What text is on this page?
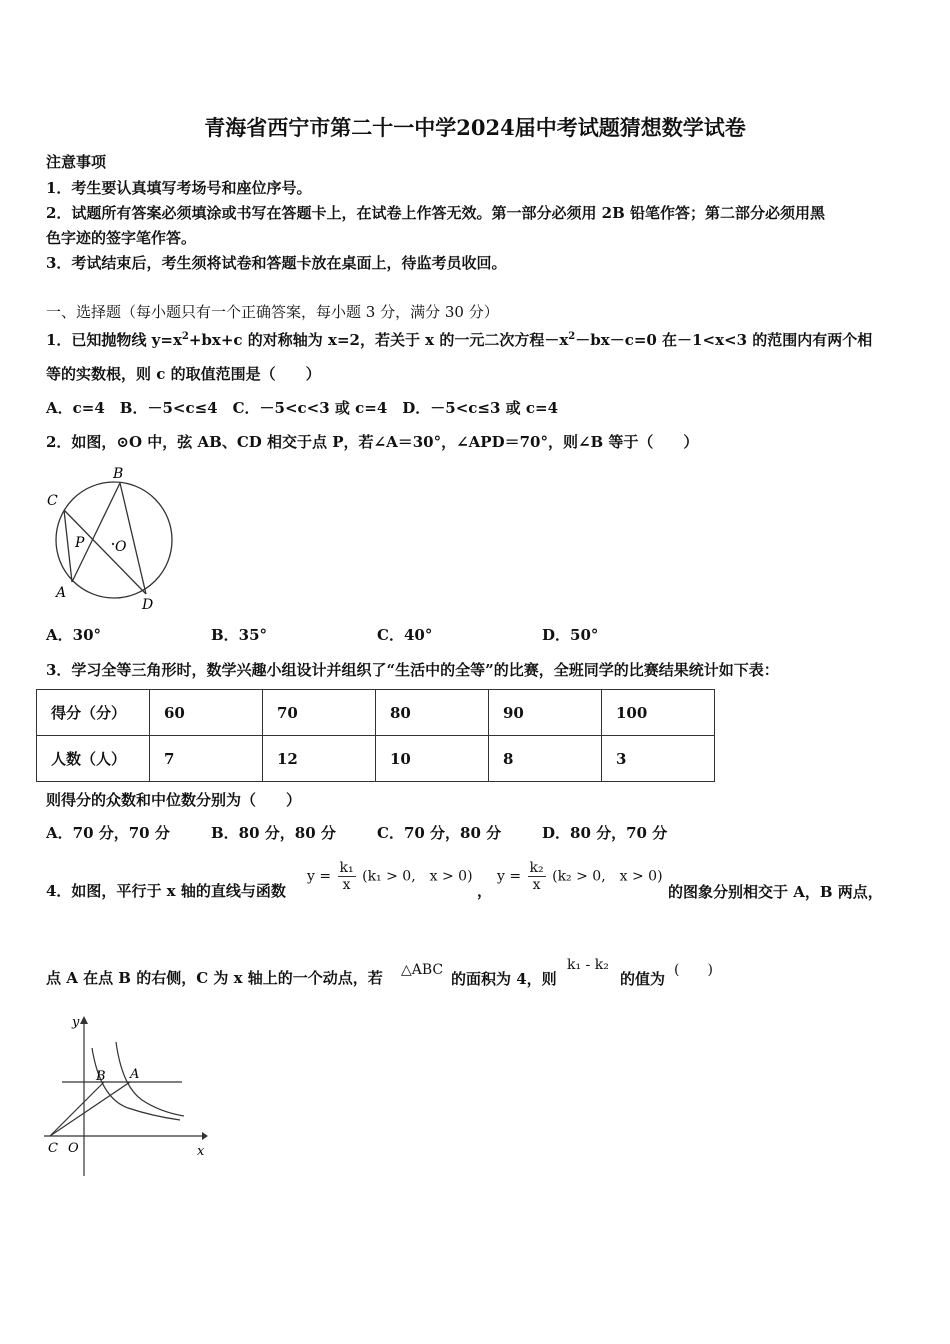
青海省西宁市第二十一中学2024届中考试题猜想数学试卷
注意事项
1．考生要认真填写考场号和座位序号。
2．试题所有答案必须填涂或书写在答题卡上，在试卷上作答无效。第一部分必须用 2B 铅笔作答；第二部分必须用黑
色字迹的签字笔作答。
3．考试结束后，考生须将试卷和答题卡放在桌面上，待监考员收回。
一、选择题（每小题只有一个正确答案，每小题 3 分，满分 30 分）
1．已知抛物线 $y=x^2+bx+c$ 的对称轴为 x=2，若关于 x 的一元二次方程$-x^2-bx-c=0$ 在－1<x<3 的范围内有两个相
等的实数根，则 c 的取值范围是（　　）
A．c=4　B．－5<c≤4　C．－5<c<3 或 c=4　D．－5<c≤3 或 c=4
2．如图，⊙O 中，弦 AB、CD 相交于点 P，若∠A＝30°，∠APD＝70°，则∠B 等于（　　）
B
C
P O
A
D
A．30°	B．35°	C．40°	D．50°
3．学习全等三角形时，数学兴趣小组设计并组织了“生活中的全等”的比赛，全班同学的比赛结果统计如下表：
得分（分）	60	70	80	90	100
人数（人）	7	12	10	8	3
则得分的众数和中位数分别为（　　）
A．70 分，70 分	B．80 分，80 分	C．70 分，80 分	D．80 分，70 分
4．如图，平行于 x 轴的直线与函数
$y = \frac{\text{k₁}}{x} (k_1 > 0$,　x > 0)
，
$y = \frac{\text{k₂}}{x} (k_2 > 0$,　x > 0)
的图象分别相交于 A，B 两点，
点 A 在点 B 的右侧，C 为 x 轴上的一个动点，若 △ABC 的面积为 4，则
k₁ - k₂
的值为 (　　)
y
x
B A
C O
